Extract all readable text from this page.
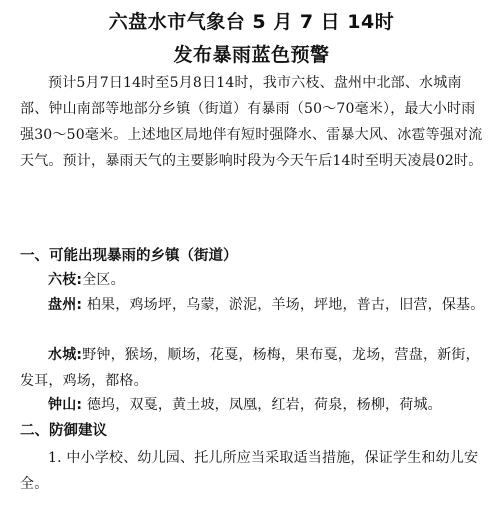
六盘水市气象台 5 月 7 日 14时
发布暴雨蓝色预警

预计5月7日14时至5月8日14时，我市六枝、盘州中北部、水城南部、钟山南部等地部分乡镇（街道）有暴雨（50～70毫米），最大小时雨强30～50毫米。上述地区局地伴有短时强降水、雷暴大风、冰雹等强对流天气。预计，暴雨天气的主要影响时段为今天午后14时至明天凌晨02时。

一、可能出现暴雨的乡镇（街道）

六枝:全区。

盘州: 柏果，鸡场坪，乌蒙，淤泥，羊场，坪地，普古，旧营，保基。

水城:野钟，猴场，顺场，花戛，杨梅，果布戛，龙场，营盘，新街，发耳，鸡场，都格。

钟山: 德坞，双戛，黄土坡，凤凰，红岩，荷泉，杨柳，荷城。

二、防御建议

1. 中小学校、幼儿园、托儿所应当采取适当措施，保证学生和幼儿安全。
